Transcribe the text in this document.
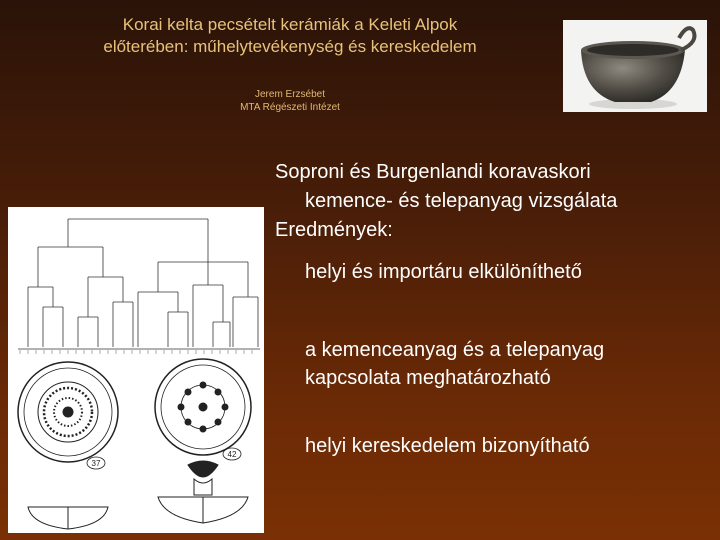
Korai kelta pecsételt kerámiák a Keleti Alpok
előterében: műhelytevékenység és kereskedelem
Jerem Erzsébet
MTA Régészeti Intézet
Soproni és Burgenlandi koravaskori
kemence- és telepanyag vizsgálata
Eredmények:
helyi és importáru elkülöníthető
a kemenceanyag és a telepanyag
kapcsolata meghatározható
helyi kereskedelem bizonyítható
37
42
